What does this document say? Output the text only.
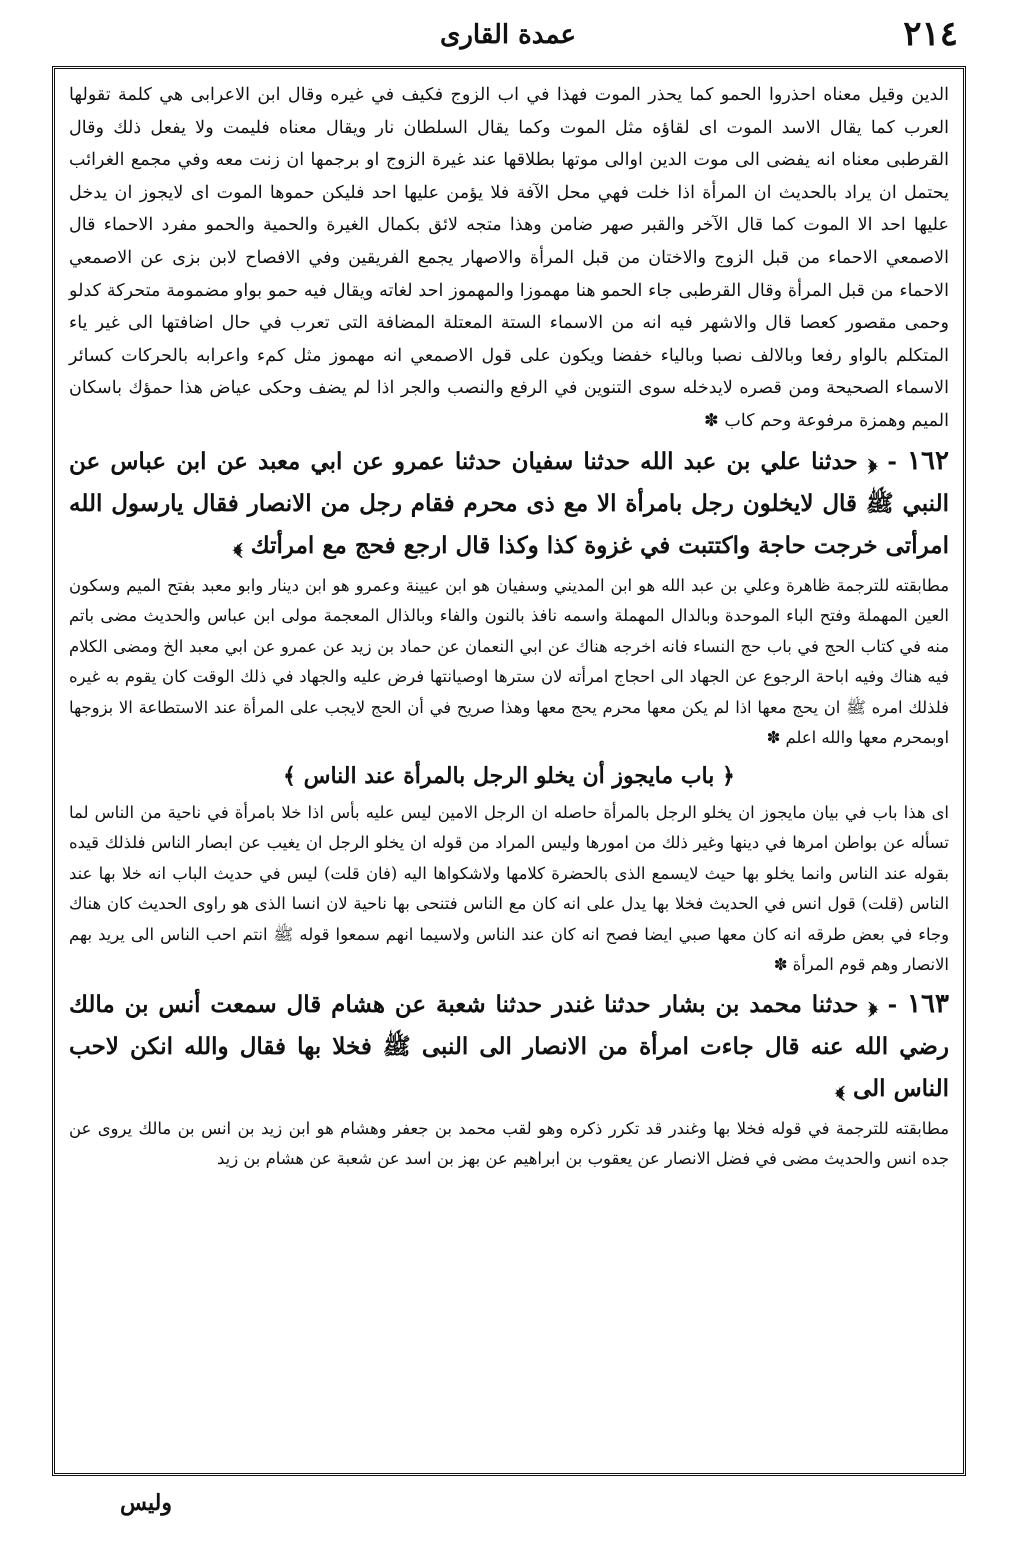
٢١٤
عمدة القاری

الدين وقيل معناه احذروا الحمو كما يحذر الموت فهذا في اب الزوج فكيف في غيره وقال ابن الاعرابی هي كلمة تقولها العرب كما يقال الاسد الموت ای لقاؤه مثل الموت وكما يقال السلطان نار ويقال معناه فليمت ولا يفعل ذلك وقال القرطبی معناه انه يفضی الی موت الدين اوالی موتها بطلاقها عند غيرة الزوج او برجمها ان زنت معه وفي مجمع الغرائب يحتمل ان يراد بالحديث ان المرأة اذا خلت فهي محل الآفة فلا يؤمن عليها احد فليكن حموها الموت ای لايجوز ان يدخل عليها احد الا الموت كما قال الآخر والقبر صهر ضامن وهذا متجه لائق بكمال الغيرة والحمية والحمو مفرد الاحماء قال الاصمعي الاحماء من قبل الزوج والاختان من قبل المرأة والاصهار يجمع الفريقين وفي الافصاح لابن بزی عن الاصمعي الاحماء من قبل المرأة وقال القرطبی جاء الحمو هنا مهموزا والمهموز احد لغاته ويقال فيه حمو بواو مضمومة متحركة كدلو وحمی مقصور كعصا قال والاشهر فيه انه من الاسماء الستة المعتلة المضافة التی تعرب في حال اضافتها الی غير ياء المتكلم بالواو رفعا وبالالف نصبا وبالياء خفضا ويكون على قول الاصمعي انه مهموز مثل كمء واعرابه بالحركات كسائر الاسماء الصحيحة ومن قصره لايدخله سوى التنوين في الرفع والنصب والجر اذا لم يضف وحكى عياض هذا حمؤك باسكان الميم وهمزة مرفوعة وحم كاب ✽

١٦٢ - ﴿ حدثنا علي بن عبد الله حدثنا سفيان حدثنا عمرو عن ابي معبد عن ابن عباس عن النبي ﷺ قال لايخلون رجل بامرأة الا مع ذی محرم فقام رجل من الانصار فقال يارسول الله امرأتی خرجت حاجة واكتتبت في غزوة كذا وكذا قال ارجع فحج مع امرأتك ﴾

مطابقته للترجمة ظاهرة وعلي بن عبد الله هو ابن المديني وسفيان هو ابن عيينة وعمرو هو ابن دينار وابو معبد بفتح الميم وسكون العين المهملة وفتح الباء الموحدة وبالدال المهملة واسمه نافذ بالنون والفاء وبالذال المعجمة مولى ابن عباس والحديث مضى باتم منه في كتاب الحج في باب حج النساء فانه اخرجه هناك عن ابي النعمان عن حماد بن زيد عن عمرو عن ابي معبد الخ ومضى الكلام فيه هناك وفيه اباحة الرجوع عن الجهاد الى احجاج امرأته لان سترها اوصيانتها فرض عليه والجهاد في ذلك الوقت كان يقوم به غيره فلذلك امره ﷺ ان يحج معها اذا لم يكن معها محرم يحج معها وهذا صريح في أن الحج لايجب على المرأة عند الاستطاعة الا بزوجها اوبمحرم معها والله اعلم ✽

﴿ باب مايجوز أن يخلو الرجل بالمرأة عند الناس ﴾

ای هذا باب في بيان مايجوز ان يخلو الرجل بالمرأة حاصله ان الرجل الامين ليس عليه بأس اذا خلا بامرأة في ناحية من الناس لما تسأله عن بواطن امرها في دينها وغير ذلك من امورها وليس المراد من قوله ان يخلو الرجل ان يغيب عن ابصار الناس فلذلك قيده بقوله عند الناس وانما يخلو بها حيث لايسمع الذی بالحضرة كلامها ولاشكواها اليه (فان قلت) ليس في حديث الباب انه خلا بها عند الناس (قلت) قول انس في الحديث فخلا بها يدل على انه كان مع الناس فتنحى بها ناحية لان انسا الذی هو راوی الحديث كان هناك وجاء في بعض طرقه انه كان معها صبي ايضا فصح انه كان عند الناس ولاسيما انهم سمعوا قوله ﷺ انتم احب الناس الی يريد بهم الانصار وهم قوم المرأة ✽

١٦٣ - ﴿ حدثنا محمد بن بشار حدثنا غندر حدثنا شعبة عن هشام قال سمعت أنس بن مالك رضي الله عنه قال جاءت امرأة من الانصار الى النبی ﷺ فخلا بها فقال والله انكن لاحب الناس الی ﴾

مطابقته للترجمة في قوله فخلا بها وغندر قد تكرر ذكره وهو لقب محمد بن جعفر وهشام هو ابن زيد بن انس بن مالك يروی عن جده انس والحديث مضى في فضل الانصار عن يعقوب بن ابراهيم عن بهز بن اسد عن شعبة عن هشام بن زيد

وليس
